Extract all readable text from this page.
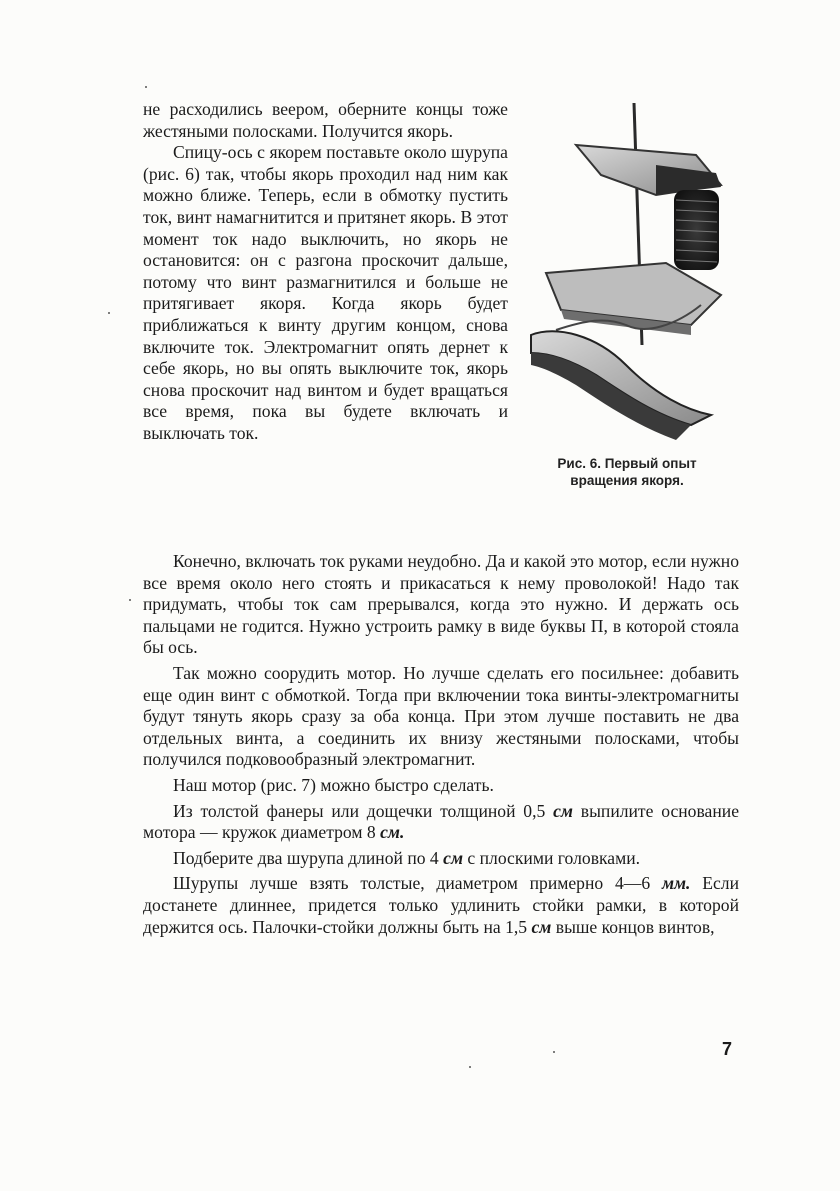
не расходились веером, оберните концы тоже жестяными полосками. Получится якорь.

Спицу-ось с якорем поставьте около шурупа (рис. 6) так, чтобы якорь проходил над ним как можно ближе. Теперь, если в обмотку пустить ток, винт намагнитится и притянет якорь. В этот момент ток надо выключить, но якорь не остановится: он с разгона проскочит дальше, потому что винт размагнитился и больше не притягивает якоря. Когда якорь будет приближаться к винту другим концом, снова включите ток. Электромагнит опять дернет к себе якорь, но вы опять выключите ток, якорь снова проскочит над винтом и будет вращаться все время, пока вы будете включать и выключать ток.

Рис. 6. Первый опыт
вращения якоря.

Конечно, включать ток руками неудобно. Да и какой это мотор, если нужно все время около него стоять и прикасаться к нему проволокой! Надо так придумать, чтобы ток сам прерывался, когда это нужно. И держать ось пальцами не годится. Нужно устроить рамку в виде буквы П, в которой стояла бы ось.

Так можно соорудить мотор. Но лучше сделать его посильнее: добавить еще один винт с обмоткой. Тогда при включении тока винты-электромагниты будут тянуть якорь сразу за оба конца. При этом лучше поставить не два отдельных винта, а соединить их внизу жестяными полосками, чтобы получился подковообразный электромагнит.

Наш мотор (рис. 7) можно быстро сделать.

Из толстой фанеры или дощечки толщиной 0,5 см выпилите основание мотора — кружок диаметром 8 см.

Подберите два шурупа длиной по 4 см с плоскими головками.

Шурупы лучше взять толстые, диаметром примерно 4—6 мм. Если достанете длиннее, придется только удлинить стойки рамки, в которой держится ось. Палочки-стойки должны быть на 1,5 см выше концов винтов,

7
